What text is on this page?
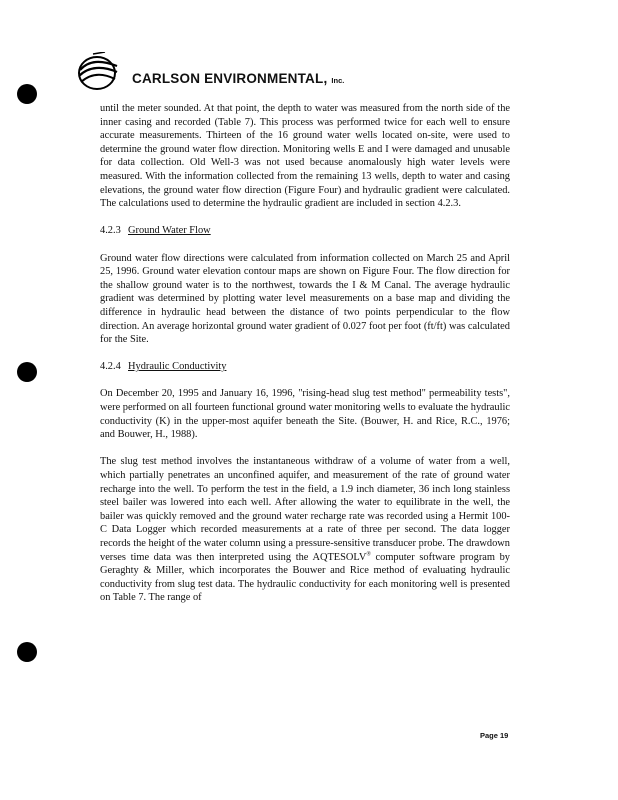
CARLSON ENVIRONMENTAL, Inc.

until the meter sounded. At that point, the depth to water was measured from the north side of the inner casing and recorded (Table 7). This process was performed twice for each well to ensure accurate measurements. Thirteen of the 16 ground water wells located on-site, were used to determine the ground water flow direction. Monitoring wells E and I were damaged and unusable for data collection. Old Well-3 was not used because anomalously high water levels were measured. With the information collected from the remaining 13 wells, depth to water and casing elevations, the ground water flow direction (Figure Four) and hydraulic gradient were calculated. The calculations used to determine the hydraulic gradient are included in section 4.2.3.

4.2.3 Ground Water Flow

Ground water flow directions were calculated from information collected on March 25 and April 25, 1996. Ground water elevation contour maps are shown on Figure Four. The flow direction for the shallow ground water is to the northwest, towards the I & M Canal. The average hydraulic gradient was determined by plotting water level measurements on a base map and dividing the difference in hydraulic head between the distance of two points perpendicular to the flow direction. An average horizontal ground water gradient of 0.027 foot per foot (ft/ft) was calculated for the Site.

4.2.4 Hydraulic Conductivity

On December 20, 1995 and January 16, 1996, "rising-head slug test method" permeability tests", were performed on all fourteen functional ground water monitoring wells to evaluate the hydraulic conductivity (K) in the upper-most aquifer beneath the Site. (Bouwer, H. and Rice, R.C., 1976; and Bouwer, H., 1988).

The slug test method involves the instantaneous withdraw of a volume of water from a well, which partially penetrates an unconfined aquifer, and measurement of the rate of ground water recharge into the well. To perform the test in the field, a 1.9 inch diameter, 36 inch long stainless steel bailer was lowered into each well. After allowing the water to equilibrate in the well, the bailer was quickly removed and the ground water recharge rate was recorded using a Hermit 100-C Data Logger which recorded measurements at a rate of three per second. The data logger records the height of the water column using a pressure-sensitive transducer probe. The drawdown verses time data was then interpreted using the AQTESOLV® computer software program by Geraghty & Miller, which incorporates the Bouwer and Rice method of evaluating hydraulic conductivity from slug test data. The hydraulic conductivity for each monitoring well is presented on Table 7. The range of

Page 19
